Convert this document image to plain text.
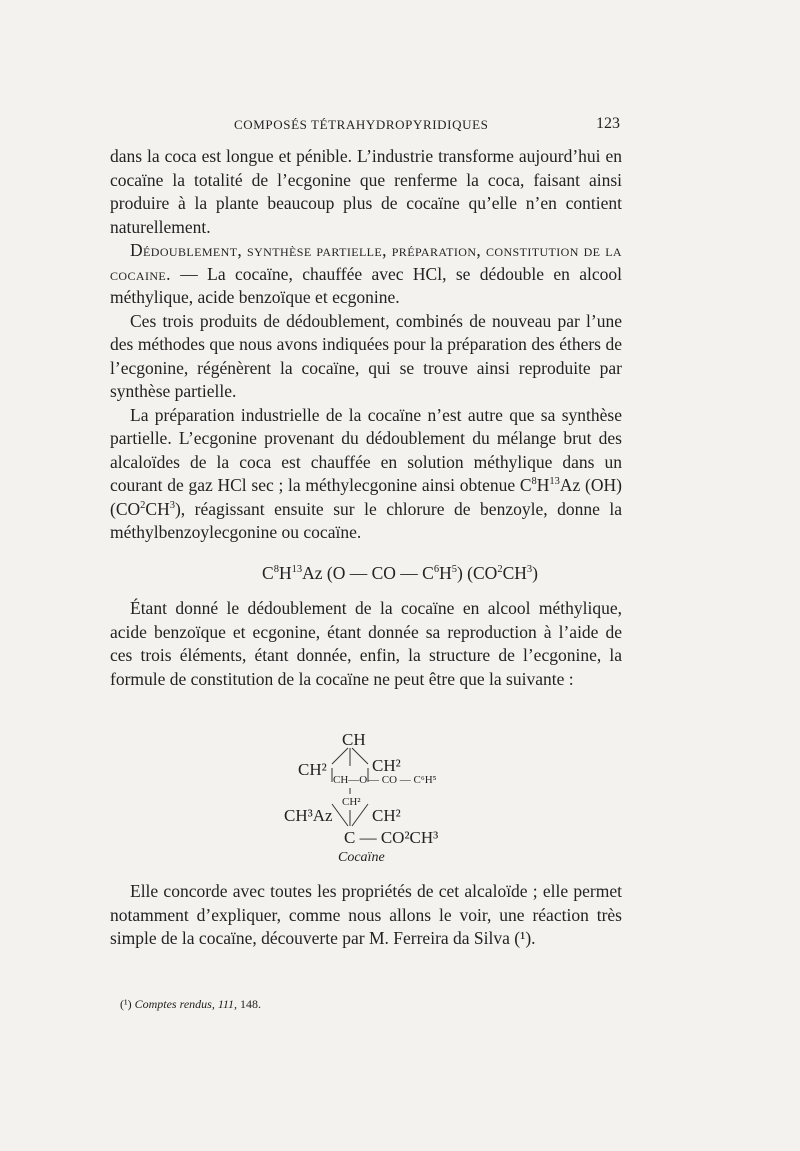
COMPOSÉS TÉTRAHYDROPYRIDIQUES	123

dans la coca est longue et pénible. L’industrie transforme aujourd’hui en cocaïne la totalité de l’ecgonine que renferme la coca, faisant ainsi produire à la plante beaucoup plus de cocaïne qu’elle n’en contient naturellement.

Dédoublement, synthèse partielle, préparation, constitution de la cocaine. — La cocaïne, chauffée avec HCl, se dédouble en alcool méthylique, acide benzoïque et ecgonine.

Ces trois produits de dédoublement, combinés de nouveau par l’une des méthodes que nous avons indiquées pour la préparation des éthers de l’ecgonine, régénèrent la cocaïne, qui se trouve ainsi reproduite par synthèse partielle.

La préparation industrielle de la cocaïne n’est autre que sa synthèse partielle. L’ecgonine provenant du dédoublement du mélange brut des alcaloïdes de la coca est chauffée en solution méthylique dans un courant de gaz HCl sec ; la méthylecgonine ainsi obtenue $C^8H^{13}Az$ (OH) $(CO^2CH^3)$, réagissant ensuite sur le chlorure de benzoyle, donne la méthylbenzoylecgonine ou cocaïne.

$C^8H^{13}Az$ (O — CO — $C^6H^5$) $(CO^2CH^3)$

Étant donné le dédoublement de la cocaïne en alcool méthylique, acide benzoïque et ecgonine, étant donnée sa reproduction à l’aide de ces trois éléments, étant donnée, enfin, la structure de l’ecgonine, la formule de constitution de la cocaïne ne peut être que la suivante :

CH
CH²	CH²
CH—O — CO — C⁶H⁵
CH²
CH³Az CH²
C — CO²CH³
Cocaïne

Elle concorde avec toutes les propriétés de cet alcaloïde ; elle permet notamment d’expliquer, comme nous allons le voir, une réaction très simple de la cocaïne, découverte par M. Ferreira da Silva (¹).

(¹) Comptes rendus, 111, 148.
